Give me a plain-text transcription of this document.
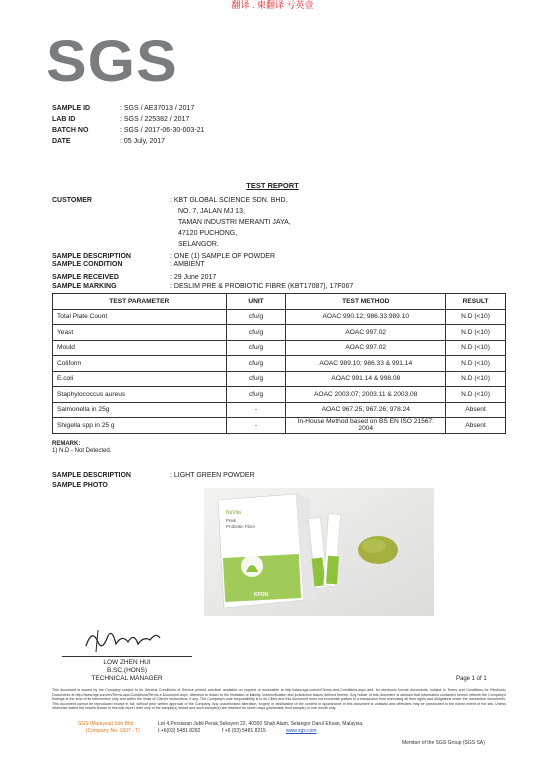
翻译 . 柬翻译 亏英壹
SGS
SAMPLE ID	: SGS / AE37013 / 2017
LAB ID	: SGS / 225382 / 2017
BATCH NO	: SGS / 2017-06-30-003-21
DATE	: 05 July, 2017
TEST REPORT
CUSTOMER	: KBT GLOBAL SCIENCE SDN. BHD.
NO. 7, JALAN MJ 13,
TAMAN INDUSTRI MERANTI JAYA,
47120 PUCHONG,
SELANGOR.
SAMPLE DESCRIPTION	: ONE (1) SAMPLE OF POWDER
SAMPLE CONDITION	: AMBIENT
SAMPLE RECEIVED	: 29 June 2017
SAMPLE MARKING	: DESLIM PRE & PROBIOTIC FIBRE (KBT17087), 17F067
TEST PARAMETER	UNIT	TEST METHOD	RESULT
Total Plate Count	cfu/g	AOAC 990.12; 986.33;989.10	N.D (<10)
Yeast	cfu/g	AOAC 997.02	N.D (<10)
Mould	cfu/g	AOAC 997.02	N.D (<10)
Coliform	cfu/g	AOAC 989.10; 986.33 & 991.14	N.D (<10)
E.coli	cfu/g	AOAC 991.14 & 998.08	N.D (<10)
Staphylococcus aureus	cfu/g	AOAC 2003.07; 2003.11 & 2003.08	N.D (<10)
Salmonella in 25g	-	AOAC 967.25; 967.26; 978.24	Absent
Shigella spp in 25 g	-	In-House Method based on BS EN ISO 21567: 2004	Absent
REMARK:
1) N.D - Not Detected.
SAMPLE DESCRIPTION	: LIGHT GREEN POWDER
SAMPLE PHOTO
NuVita
Pre&
Probiotic Fibre
KFON
LOW ZHEN HUI
B.SC.(HONS)
TECHNICAL MANAGER	Page 1 of 1
This document is issued by the Company subject to its General Conditions of Service printed overleaf, available on request or accessible at http://www.sgs.com/en/Terms-and-Conditions.aspx and, for electronic format documents, subject to Terms and Conditions for Electronic Documents at http://www.sgs.com/en/Terms-and-Conditions/Terms-e-Document.aspx. Attention is drawn to the limitation of liability, indemnification and jurisdiction issues defined therein. Any holder of this document is advised that information contained hereon reflects the Company's findings at the time of its intervention only and within the limits of Client's instructions, if any. The Company's sole responsibility is to its Client and this document does not exonerate parties to a transaction from exercising all their rights and obligations under the transaction documents. This document cannot be reproduced except in full, without prior written approval of the Company. Any unauthorized alteration, forgery or falsification of the content or appearance of this document is unlawful and offenders may be prosecuted to the fullest extent of the law. Unless otherwise stated the results shown in this test report refer only to the sample(s) tested and such sample(s) are retained for seven days (perishable food sample) or one month only.
SGS (Malaysia) Sdn Bhd
(Company No. 1607 - T)
Lot 4,Persiaran Jubli Perak,Seksyen 22, 40300 Shah Alam, Selangor Darul Ehsan, Malaysia.
t +6(03) 5481 8282	f +6 (03) 5481 8215	www.sgs.com
Member of the SGS Group (SGS SA)
